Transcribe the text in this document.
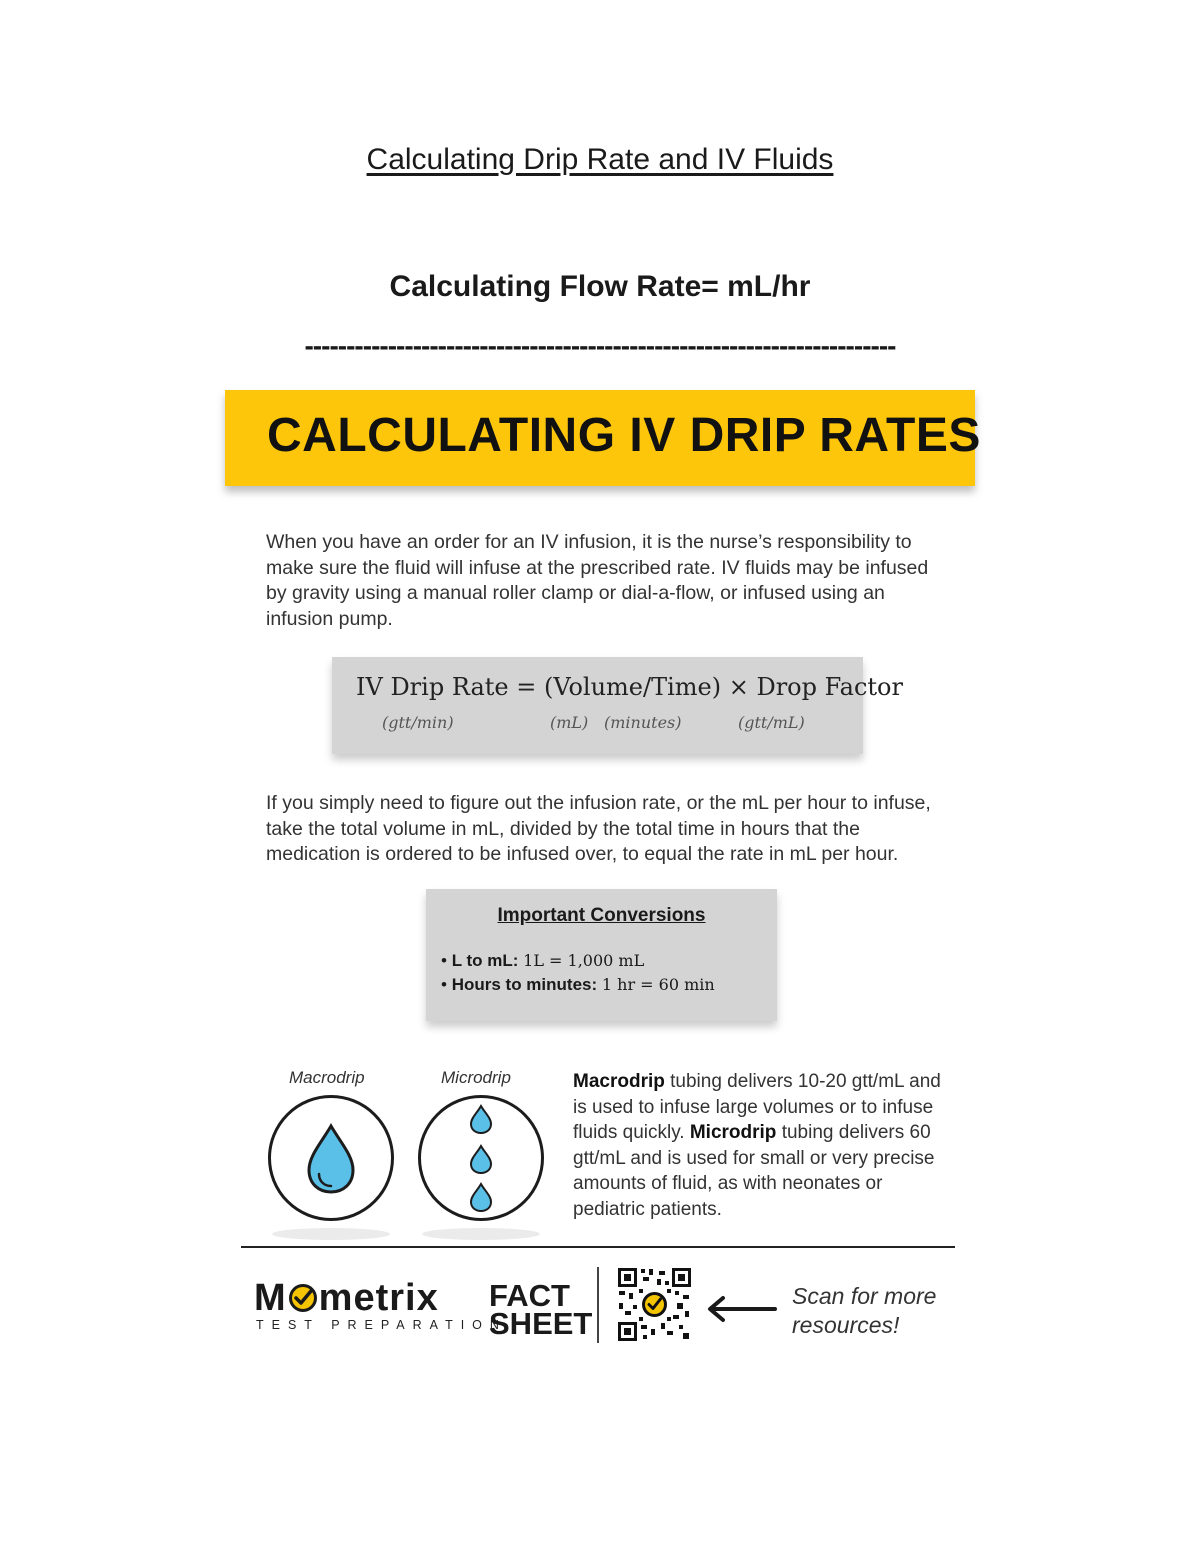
Calculating Drip Rate and IV Fluids
Calculating Flow Rate= mL/hr
-----------------------------------------------------------------------
CALCULATING IV DRIP RATES
When you have an order for an IV infusion, it is the nurse’s responsibility to make sure the fluid will infuse at the prescribed rate. IV fluids may be infused by gravity using a manual roller clamp or dial-a-flow, or infused using an infusion pump.
IV Drip Rate = (Volume/Time) × Drop Factor
(gtt/min)	(mL) (minutes)	(gtt/mL)
If you simply need to figure out the infusion rate, or the mL per hour to infuse, take the total volume in mL, divided by the total time in hours that the medication is ordered to be infused over, to equal the rate in mL per hour.
Important Conversions
• L to mL: 1L = 1,000 mL
• Hours to minutes: 1 hr = 60 min
Macrodrip	Microdrip	Macrodrip tubing delivers 10-20 gtt/mL and is used to infuse large volumes or to infuse fluids quickly. Microdrip tubing delivers 60 gtt/mL and is used for small or very precise amounts of fluid, as with neonates or pediatric patients.
M metrix
TEST PREPARATION
FACT
SHEET
Scan for more
resources!
